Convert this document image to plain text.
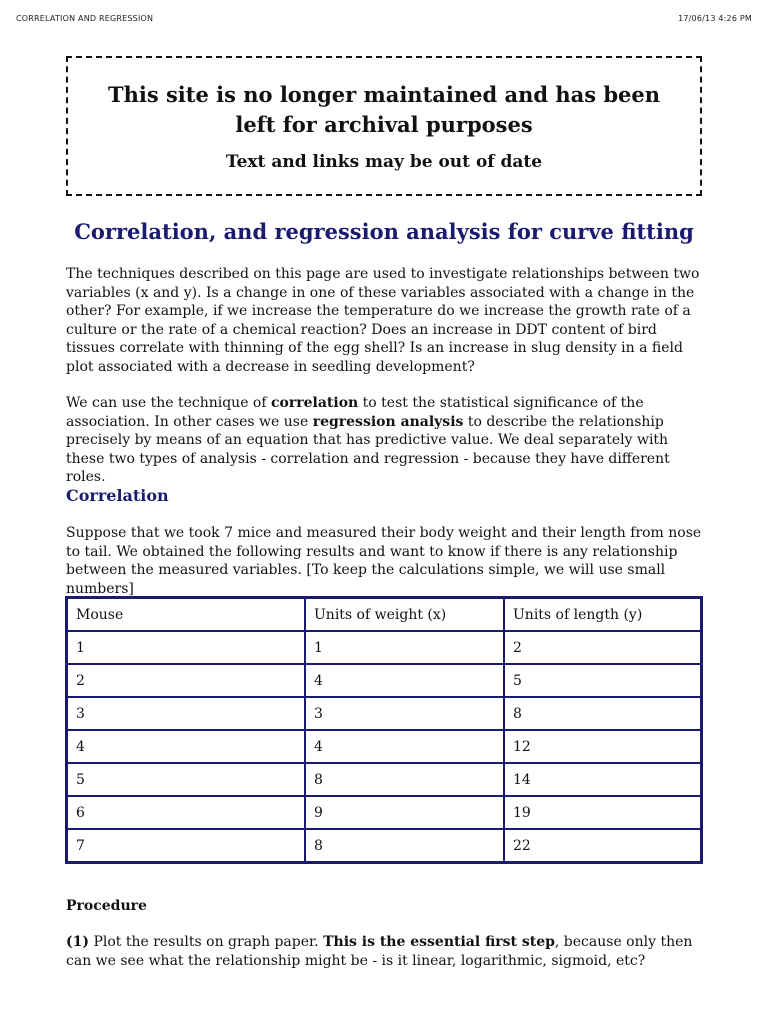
CORRELATION AND REGRESSION	17/06/13 4:26 PM
This site is no longer maintained and has been left for archival purposes
Text and links may be out of date
Correlation, and regression analysis for curve fitting

The techniques described on this page are used to investigate relationships between two variables (x and y). Is a change in one of these variables associated with a change in the other? For example, if we increase the temperature do we increase the growth rate of a culture or the rate of a chemical reaction? Does an increase in DDT content of bird tissues correlate with thinning of the egg shell? Is an increase in slug density in a field plot associated with a decrease in seedling development?

We can use the technique of correlation to test the statistical significance of the association. In other cases we use regression analysis to describe the relationship precisely by means of an equation that has predictive value. We deal separately with these two types of analysis - correlation and regression - because they have different roles.

Correlation

Suppose that we took 7 mice and measured their body weight and their length from nose to tail. We obtained the following results and want to know if there is any relationship between the measured variables. [To keep the calculations simple, we will use small numbers]

Mouse	Units of weight (x)	Units of length (y)
1	1	2
2	4	5
3	3	8
4	4	12
5	8	14
6	9	19
7	8	22
Procedure

(1) Plot the results on graph paper. This is the essential first step, because only then can we see what the relationship might be - is it linear, logarithmic, sigmoid, etc?
